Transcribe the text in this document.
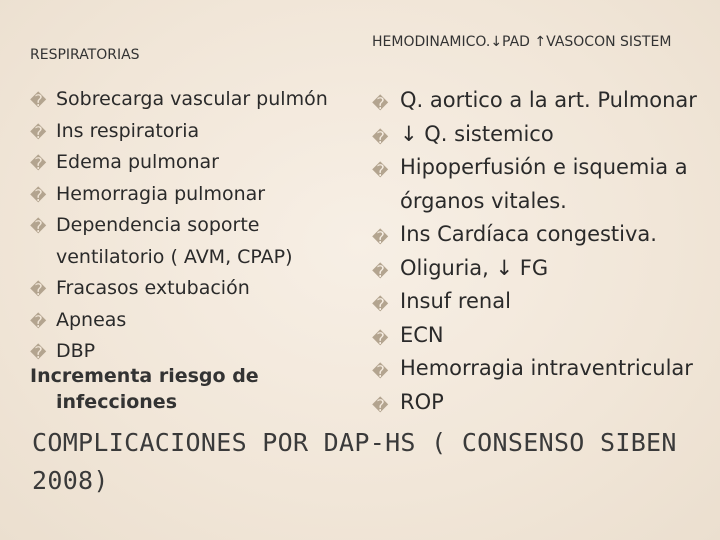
RESPIRATORIAS
� Sobrecarga vascular pulmón
� Ins respiratoria
� Edema pulmonar
� Hemorragia pulmonar
� Dependencia soporte ventilatorio ( AVM, CPAP)
� Fracasos extubación
� Apneas
� DBP
Incrementa riesgo de
infecciones
HEMODINAMICO.↓PAD ↑VASOCON SISTEM
� Q. aortico a la art. Pulmonar
� ↓ Q. sistemico
� Hipoperfusión e isquemia a órganos vitales.
� Ins Cardíaca congestiva.
� Oliguria, ↓ FG
� Insuf renal
� ECN
� Hemorragia intraventricular
� ROP
COMPLICACIONES POR DAP-HS ( CONSENSO SIBEN 2008)
